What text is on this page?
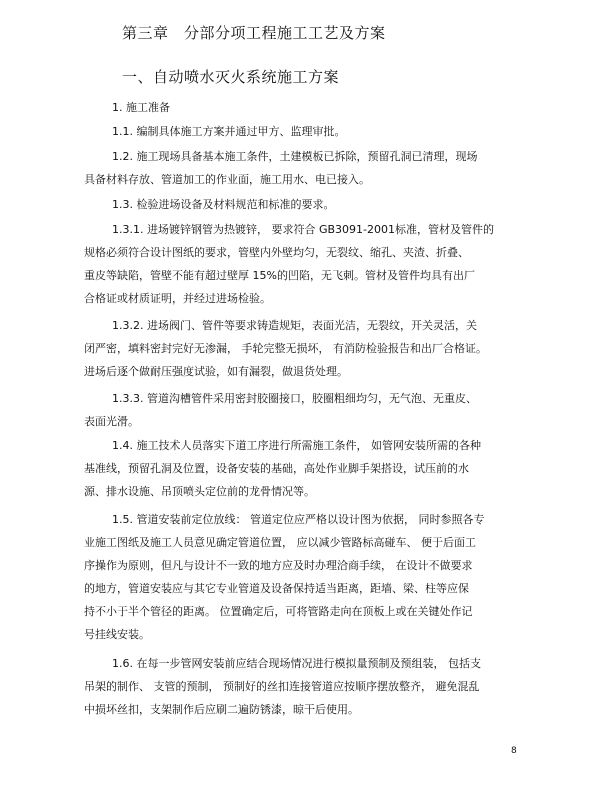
第三章　分部分项工程施工工艺及方案
一、自动喷水灭火系统施工方案

1. 施工准备

1.1. 编制具体施工方案并通过甲方、监理审批。

1.2. 施工现场具备基本施工条件，土建模板已拆除，预留孔洞已清理，现场

具备材料存放、管道加工的作业面，施工用水、电已接入。

1.3. 检验进场设备及材料规范和标准的要求。

1.3.1. 进场镀锌钢管为热镀锌， 要求符合 GB3091-2001标准，管材及管件的

规格必须符合设计图纸的要求，管壁内外壁均匀，无裂纹、缩孔、夹渣、折叠、

重皮等缺陷，管壁不能有超过壁厚 15%的凹陷，无飞刺。管材及管件均具有出厂

合格证或材质证明，并经过进场检验。

1.3.2. 进场阀门、管件等要求铸造规矩，表面光洁，无裂纹，开关灵活，关

闭严密，填料密封完好无渗漏， 手轮完整无损坏， 有消防检验报告和出厂合格证。

进场后逐个做耐压强度试验，如有漏裂，做退货处理。

1.3.3. 管道沟槽管件采用密封胶圈接口，胶圈粗细均匀，无气泡、无重皮、

表面光滑。

1.4. 施工技术人员落实下道工序进行所需施工条件， 如管网安装所需的各种

基准线，预留孔洞及位置，设备安装的基础，高处作业脚手架搭设，试压前的水

源、排水设施、吊顶喷头定位前的龙骨情况等。

1.5. 管道安装前定位放线： 管道定位应严格以设计图为依据， 同时参照各专

业施工图纸及施工人员意见确定管道位置， 应以减少管路标高碰车、 便于后面工

序操作为原则，但凡与设计不一致的地方应及时办理洽商手续， 在设计不做要求

的地方，管道安装应与其它专业管道及设备保持适当距离，距墙、梁、柱等应保

持不小于半个管径的距离。 位置确定后，可将管路走向在顶板上或在关键处作记

号挂线安装。

1.6. 在每一步管网安装前应结合现场情况进行模拟量预制及预组装， 包括支

吊架的制作、 支管的预制， 预制好的丝扣连接管道应按顺序摆放整齐， 避免混乱

中损坏丝扣，支架制作后应刷二遍防锈漆，晾干后使用。

8
